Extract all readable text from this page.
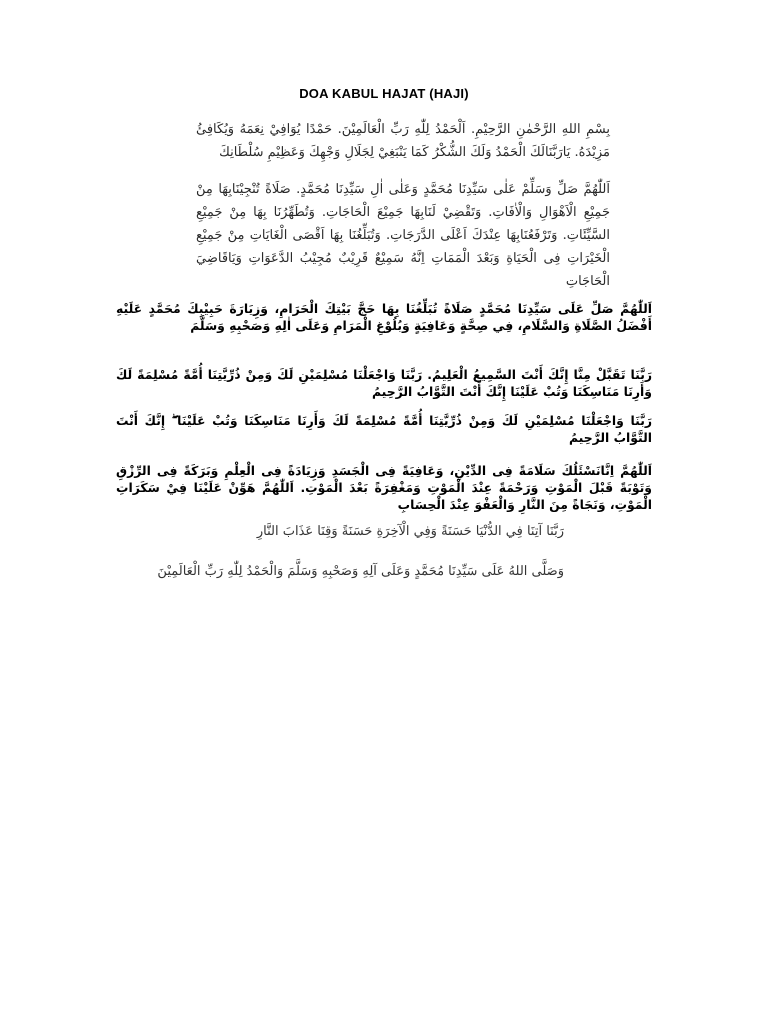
DOA KABUL HAJAT (HAJI)
بِسْمِ اللهِ الرَّحْمٰنِ الرَّحِيْمِ. اَلْحَمْدُ لِلّٰهِ رَبِّ الْعَالَمِيْنَ. حَمْدًا يُوَافِيْ نِعَمَهُ وَيُكَافِئُ مَزِيْدَهُ. يَارَبَّنَالَكَ الْحَمْدُ وَلَكَ الشُّكْرُ كَمَا يَنْبَغِيْ لِجَلَالِ وَجْهِكَ وَعَظِيْمِ سُلْطَانِكَ
اَللّٰهُمَّ صَلِّ وَسَلِّمْ عَلٰى سَيِّدِنَا مُحَمَّدٍ وَعَلٰى اٰلِ سَيِّدِنَا مُحَمَّدٍ. صَلَاةً تُنْجِيْنَابِهَا مِنْ جَمِيْعِ الْاَهْوَالِ وَالْاٰفَاتِ. وَتَقْضِيْ لَنَابِهَا جَمِيْعَ الْحَاجَاتِ. وَتُطَهِّرُنَا بِهَا مِنْ جَمِيْعِ السَّيِّئَاتِ. وَتَرْفَعُنَابِهَا عِنْدَكَ اَعْلَى الدَّرَجَاتِ. وَتُبَلِّغُنَا بِهَا اَقْصَى الْغَايَاتِ مِنْ جَمِيْعِ الْخَيْرَاتِ فِى الْحَيَاةِ وَبَعْدَ الْمَمَاتِ اِنَّهُ سَمِيْعٌ قَرِيْبٌ مُجِيْبُ الدَّعَوَاتِ وَيَاقَاضِيَ الْحَاجَاتِ
اَللّٰهُمَّ صَلِّ عَلَى سَيِّدِنَا مُحَمَّدٍ صَلَاةً تُبَلِّغُنَا بِهَا حَجَّ بَيْتِكَ الْحَرَامِ، وَزِيَارَةَ حَبِيْبِكَ مُحَمَّدٍ عَلَيْهِ أَفْضَلُ الصَّلَاةِ وَالسَّلَامِ، فِي صِحَّةٍ وَعَافِيَةٍ وَبُلُوْغِ الْمَرَامِ وَعَلَى اٰلِهِ وَصَحْبِهِ وَسَلَّمَ
رَبَّنَا تَقَبَّلْ مِنَّا إِنَّكَ أَنْتَ السَّمِيعُ الْعَلِيمُ. رَبَّنَا وَاجْعَلْنَا مُسْلِمَيْنِ لَكَ وَمِنْ ذُرِّيَّتِنَا أُمَّةً مُسْلِمَةً لَكَ وَأَرِنَا مَنَاسِكَنَا وَتُبْ عَلَيْنَا إِنَّكَ أَنْتَ التَّوَّابُ الرَّحِيمُ
رَبَّنَا وَاجْعَلْنَا مُسْلِمَيْنِ لَكَ وَمِنْ ذُرِّيَّتِنَا أُمَّةً مُسْلِمَةً لَكَ وَأَرِنَا مَنَاسِكَنَا وَتُبْ عَلَيْنَا ۖ إِنَّكَ أَنْتَ التَّوَّابُ الرَّحِيمُ
اَللّٰهُمَّ اِنَّانَسْئَلُكَ سَلَامَةً فِى الدِّيْنِ، وَعَافِيَةً فِى الْجَسَدِ وَزِيَادَةً فِى الْعِلْمِ وَبَرَكَةً فِى الرِّزْقِ وَتَوْبَةً قَبْلَ الْمَوْتِ وَرَحْمَةً عِنْدَ الْمَوْتِ وَمَغْفِرَةً بَعْدَ الْمَوْتِ. اَللّٰهُمَّ هَوِّنْ عَلَيْنَا فِيْ سَكَرَاتِ الْمَوْتِ، وَنَجَاةً مِنَ النَّارِ وَالْعَفْوَ عِنْدَ الْحِسَابِ
رَبَّنَا آتِنَا فِي الدُّنْيَا حَسَنَةً وَفِي الْآخِرَةِ حَسَنَةً وَقِنَا عَذَابَ النَّارِ
وَصَلَّى اللهُ عَلَى سَيِّدِنَا مُحَمَّدٍ وَعَلَى آلِهِ وَصَحْبِهِ وَسَلَّمَ وَالْحَمْدُ لِلّٰهِ رَبِّ الْعَالَمِيْنَ
